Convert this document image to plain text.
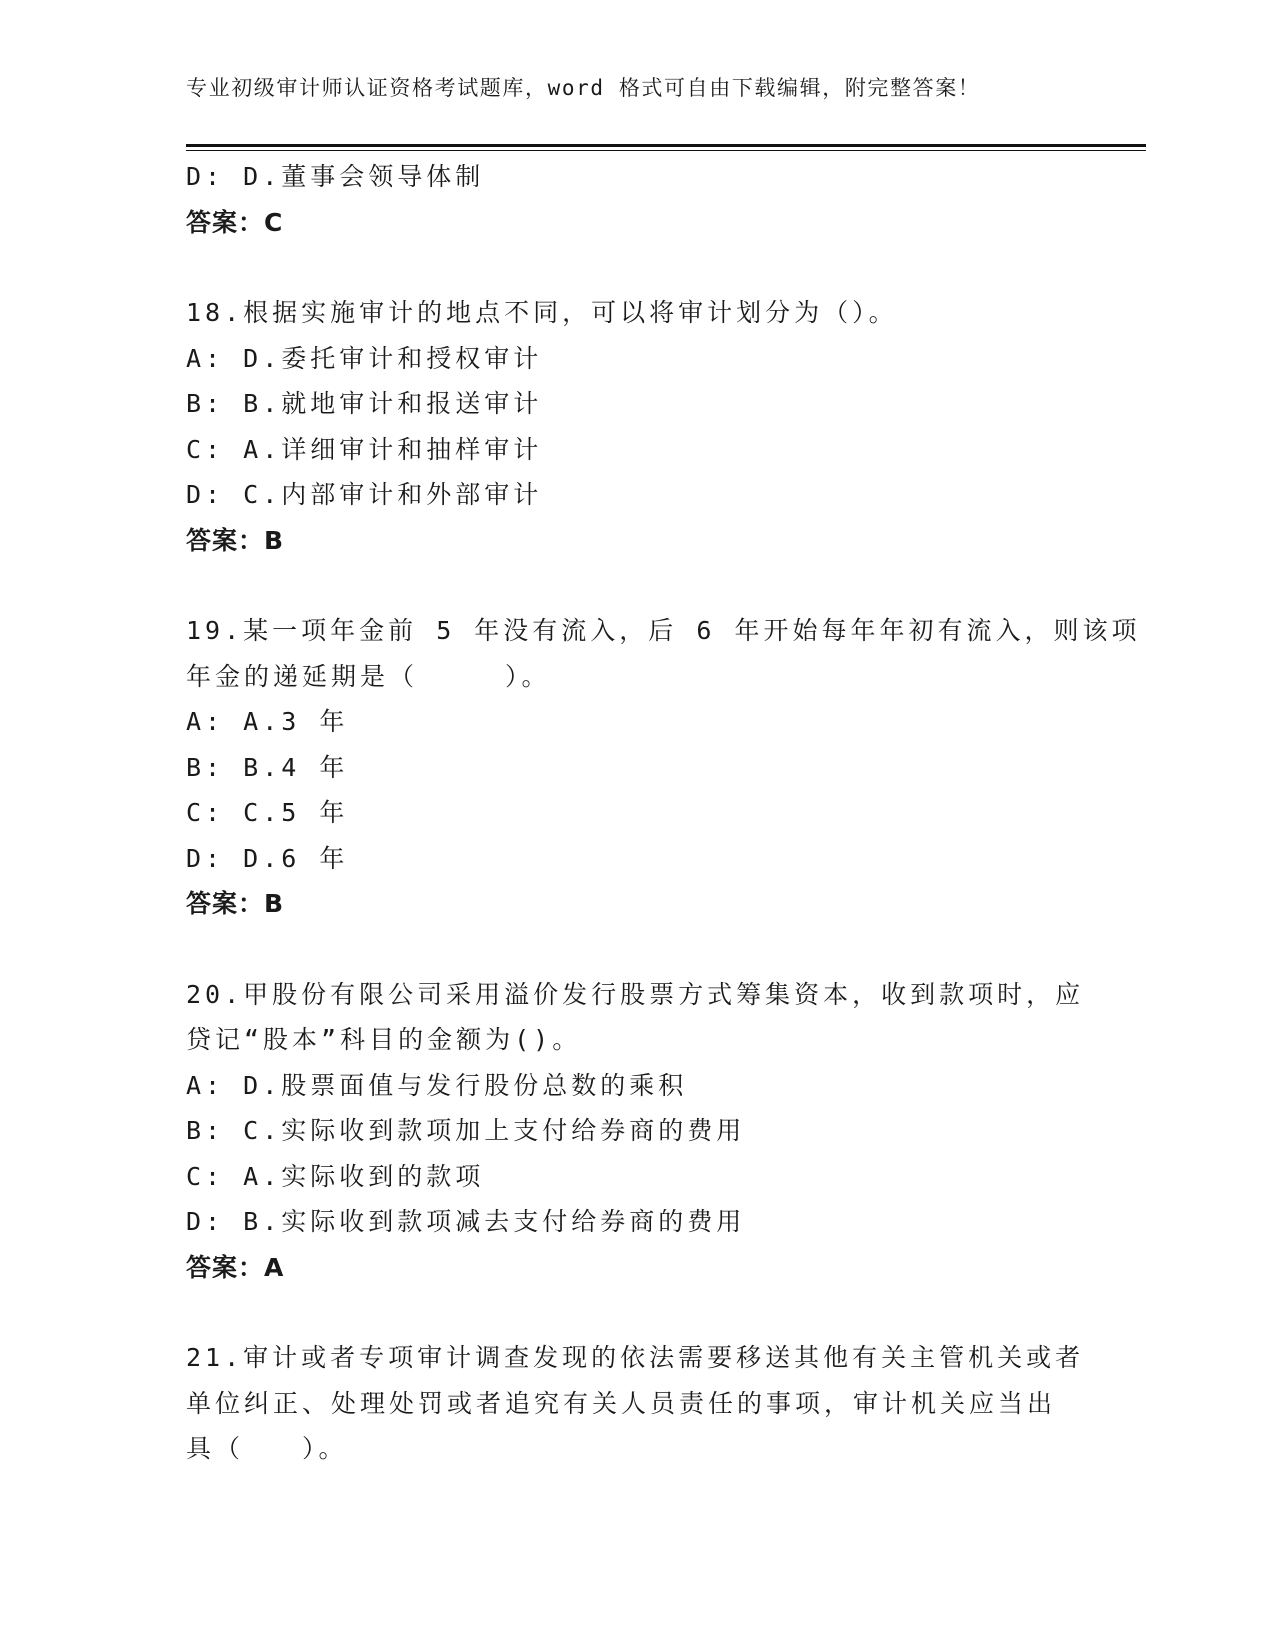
专业初级审计师认证资格考试题库，word 格式可自由下载编辑，附完整答案！
D: D.董事会领导体制
答案：C
18.根据实施审计的地点不同，可以将审计划分为（）。
A: D.委托审计和授权审计
B: B.就地审计和报送审计
C: A.详细审计和抽样审计
D: C.内部审计和外部审计
答案：B
19.某一项年金前 5 年没有流入，后 6 年开始每年年初有流入，则该项
年金的递延期是（　　　）。
A: A.3 年
B: B.4 年
C: C.5 年
D: D.6 年
答案：B
20.甲股份有限公司采用溢价发行股票方式筹集资本，收到款项时，应
贷记“股本”科目的金额为()。
A: D.股票面值与发行股份总数的乘积
B: C.实际收到款项加上支付给券商的费用
C: A.实际收到的款项
D: B.实际收到款项减去支付给券商的费用
答案：A
21.审计或者专项审计调查发现的依法需要移送其他有关主管机关或者
单位纠正、处理处罚或者追究有关人员责任的事项，审计机关应当出
具（　　）。
